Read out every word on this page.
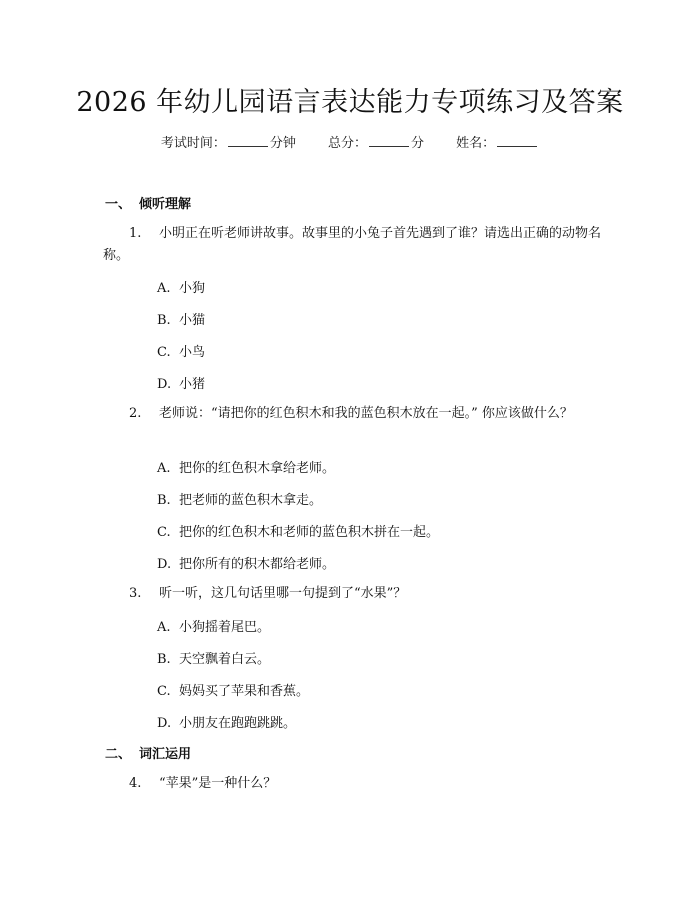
2026 年幼儿园语言表达能力专项练习及答案
考试时间：	分钟 总分：	分 姓名：
一、 倾听理解
1. 小明正在听老师讲故事。故事里的小兔子首先遇到了谁？请选出正确的动物名称。
A. 小狗
B. 小猫
C. 小鸟
D. 小猪
2. 老师说：“请把你的红色积木和我的蓝色积木放在一起。” 你应该做什么？
A. 把你的红色积木拿给老师。
B. 把老师的蓝色积木拿走。
C. 把你的红色积木和老师的蓝色积木拼在一起。
D. 把你所有的积木都给老师。
3. 听一听，这几句话里哪一句提到了“水果”？
A. 小狗摇着尾巴。
B. 天空飘着白云。
C. 妈妈买了苹果和香蕉。
D. 小朋友在跑跑跳跳。
二、 词汇运用
4. “苹果”是一种什么？
